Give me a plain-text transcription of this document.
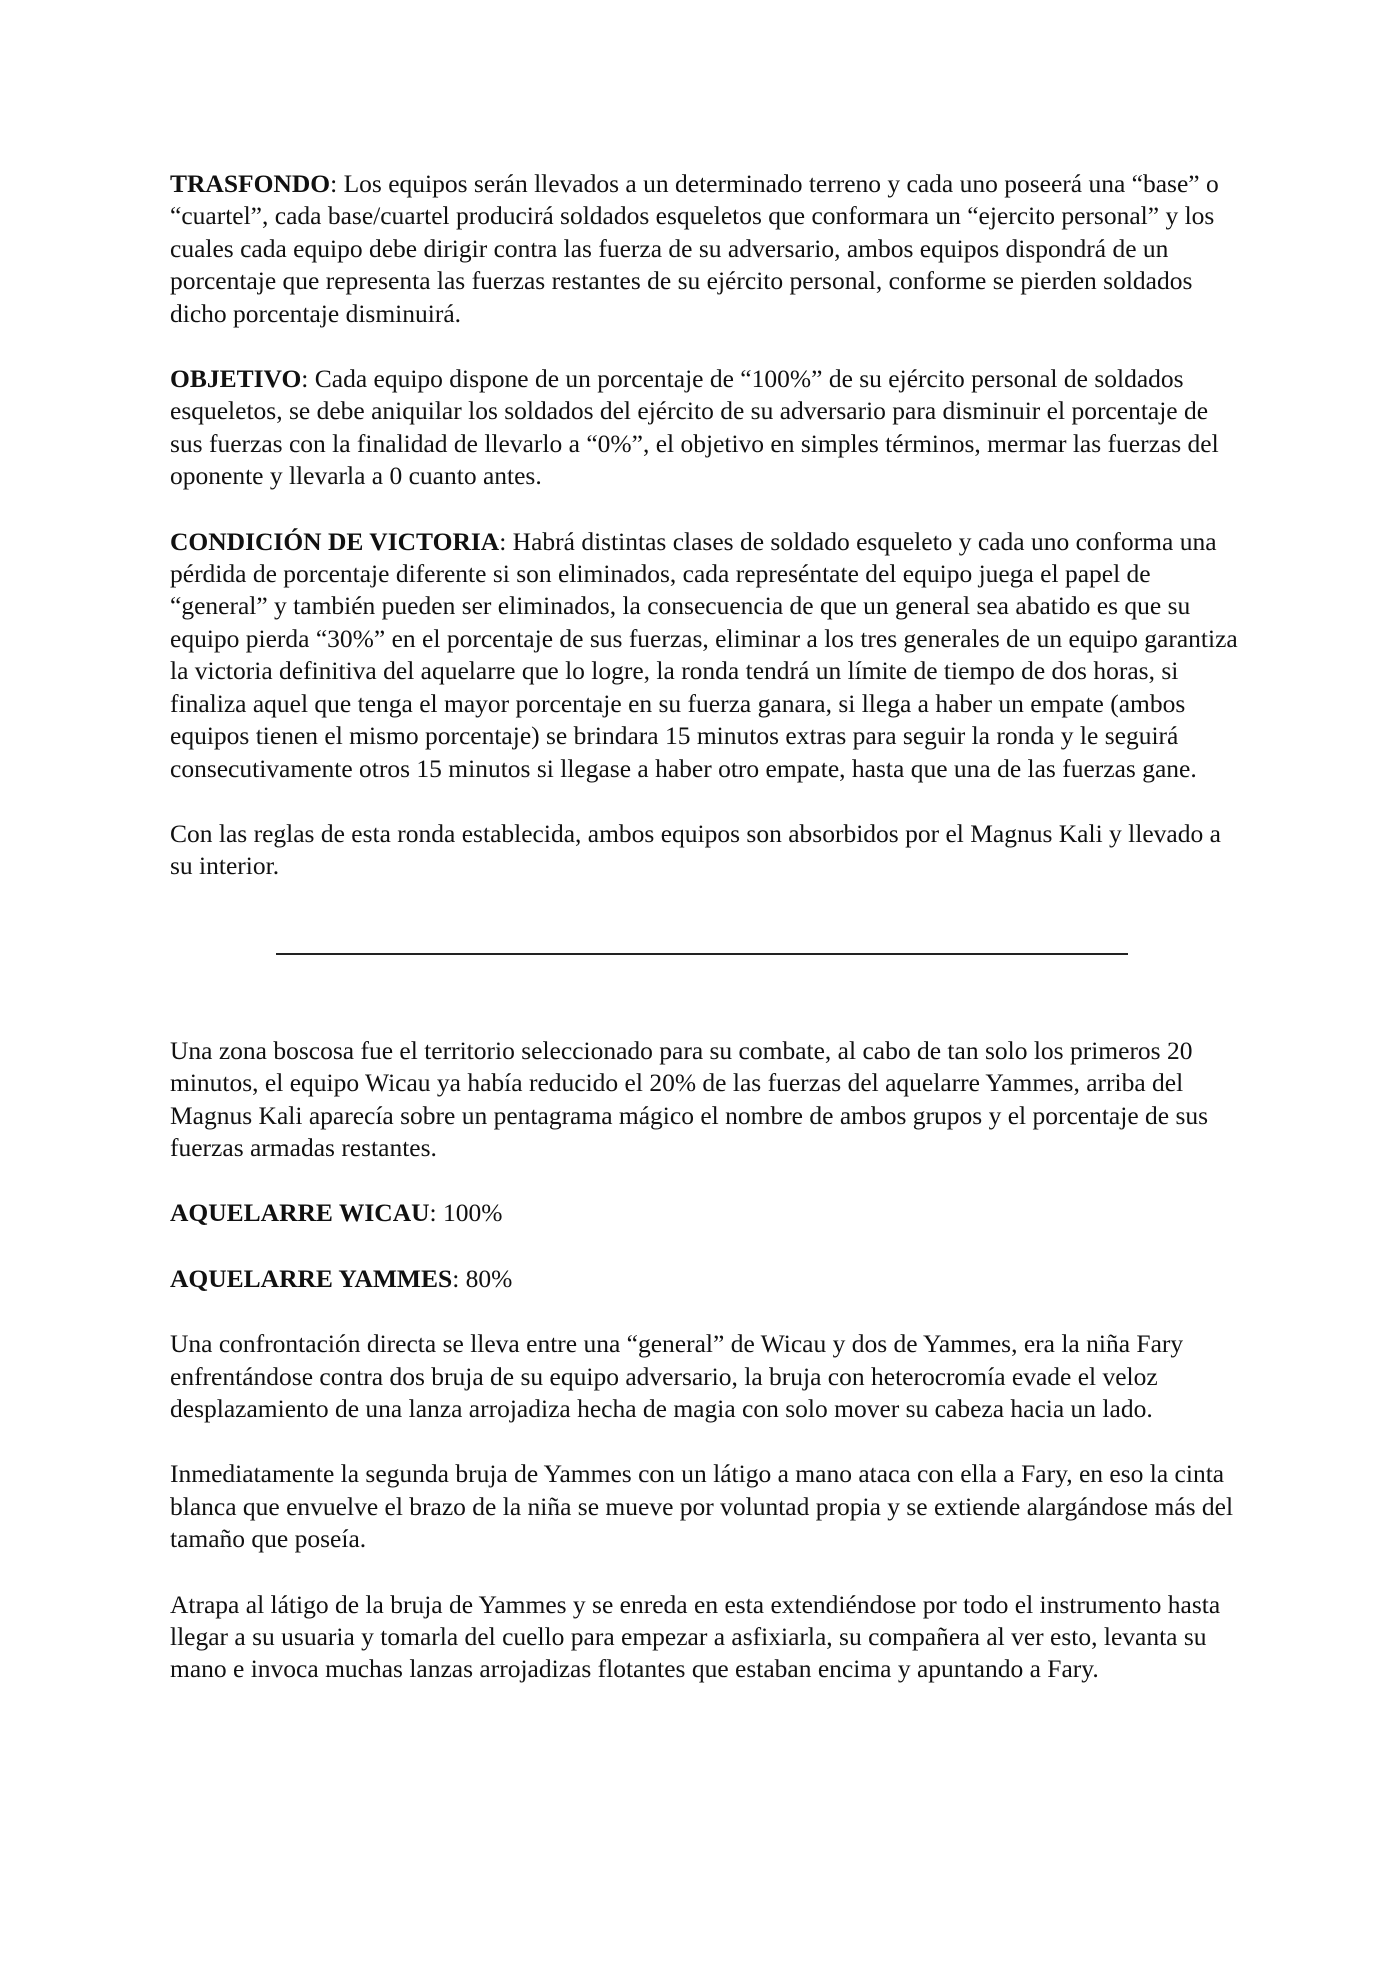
TRASFONDO: Los equipos serán llevados a un determinado terreno y cada uno poseerá una “base” o “cuartel”, cada base/cuartel producirá soldados esqueletos que conformara un “ejercito personal” y los cuales cada equipo debe dirigir contra las fuerza de su adversario, ambos equipos dispondrá de un porcentaje que representa las fuerzas restantes de su ejército personal, conforme se pierden soldados dicho porcentaje disminuirá.

OBJETIVO: Cada equipo dispone de un porcentaje de “100%” de su ejército personal de soldados esqueletos, se debe aniquilar los soldados del ejército de su adversario para disminuir el porcentaje de sus fuerzas con la finalidad de llevarlo a “0%”, el objetivo en simples términos, mermar las fuerzas del oponente y llevarla a 0 cuanto antes.

CONDICIÓN DE VICTORIA: Habrá distintas clases de soldado esqueleto y cada uno conforma una pérdida de porcentaje diferente si son eliminados, cada represéntate del equipo juega el papel de “general” y también pueden ser eliminados, la consecuencia de que un general sea abatido es que su equipo pierda “30%” en el porcentaje de sus fuerzas, eliminar a los tres generales de un equipo garantiza la victoria definitiva del aquelarre que lo logre, la ronda tendrá un límite de tiempo de dos horas, si finaliza aquel que tenga el mayor porcentaje en su fuerza ganara, si llega a haber un empate (ambos equipos tienen el mismo porcentaje) se brindara 15 minutos extras para seguir la ronda y le seguirá consecutivamente otros 15 minutos si llegase a haber otro empate, hasta que una de las fuerzas gane.

Con las reglas de esta ronda establecida, ambos equipos son absorbidos por el Magnus Kali y llevado a su interior.

Una zona boscosa fue el territorio seleccionado para su combate, al cabo de tan solo los primeros 20 minutos, el equipo Wicau ya había reducido el 20% de las fuerzas del aquelarre Yammes, arriba del Magnus Kali aparecía sobre un pentagrama mágico el nombre de ambos grupos y el porcentaje de sus fuerzas armadas restantes.

AQUELARRE WICAU: 100%

AQUELARRE YAMMES: 80%

Una confrontación directa se lleva entre una “general” de Wicau y dos de Yammes, era la niña Fary enfrentándose contra dos bruja de su equipo adversario, la bruja con heterocromía evade el veloz desplazamiento de una lanza arrojadiza hecha de magia con solo mover su cabeza hacia un lado.

Inmediatamente la segunda bruja de Yammes con un látigo a mano ataca con ella a Fary, en eso la cinta blanca que envuelve el brazo de la niña se mueve por voluntad propia y se extiende alargándose más del tamaño que poseía.

Atrapa al látigo de la bruja de Yammes y se enreda en esta extendiéndose por todo el instrumento hasta llegar a su usuaria y tomarla del cuello para empezar a asfixiarla, su compañera al ver esto, levanta su mano e invoca muchas lanzas arrojadizas flotantes que estaban encima y apuntando a Fary.
